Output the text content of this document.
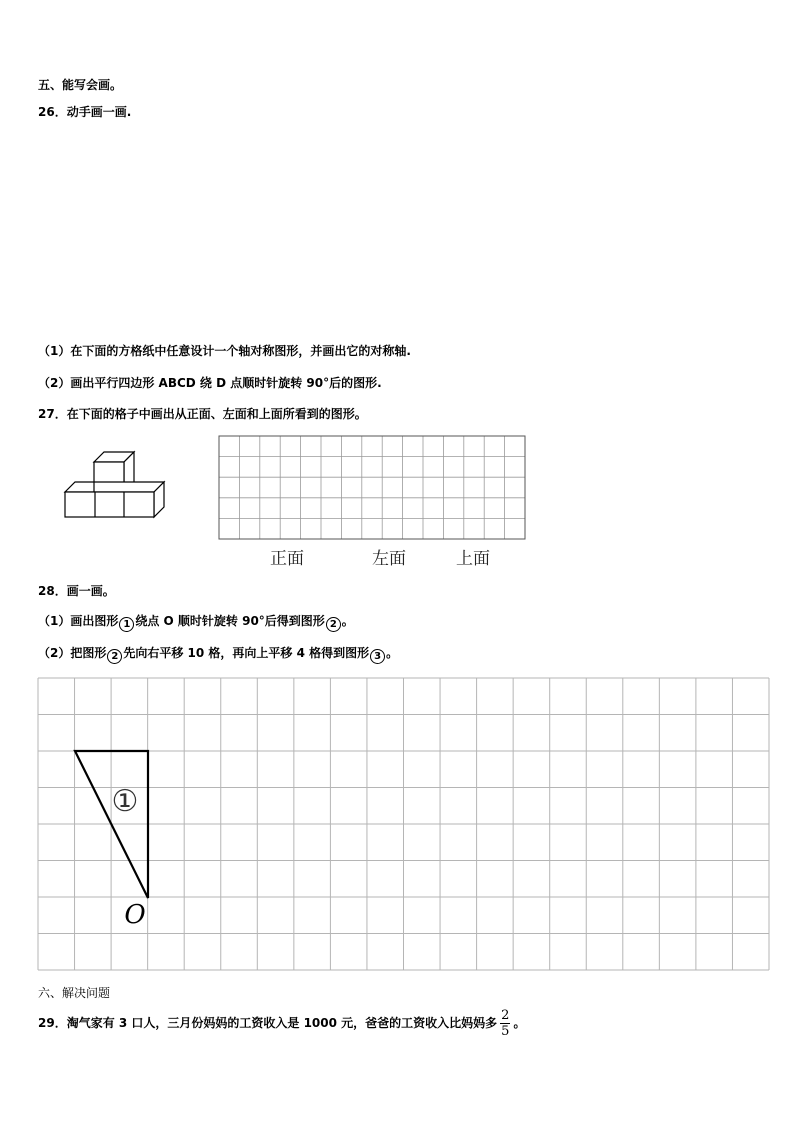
五、能写会画。
26．动手画一画.
（1）在下面的方格纸中任意设计一个轴对称图形，并画出它的对称轴.
（2）画出平行四边形 ABCD 绕 D 点顺时针旋转 90°后的图形.
27．在下面的格子中画出从正面、左面和上面所看到的图形。
正面	左面	上面
28．画一画。
（1）画出图形 1 绕点 O 顺时针旋转 90°后得到图形 2 。
（2）把图形 2 先向右平移 10 格，再向上平移 4 格得到图形 3 。
①
O
六、解决问题
29．淘气家有 3 口人，三月份妈妈的工资收入是 1000 元，爸爸的工资收入比妈妈多 $\frac{2}{5}$ 。
